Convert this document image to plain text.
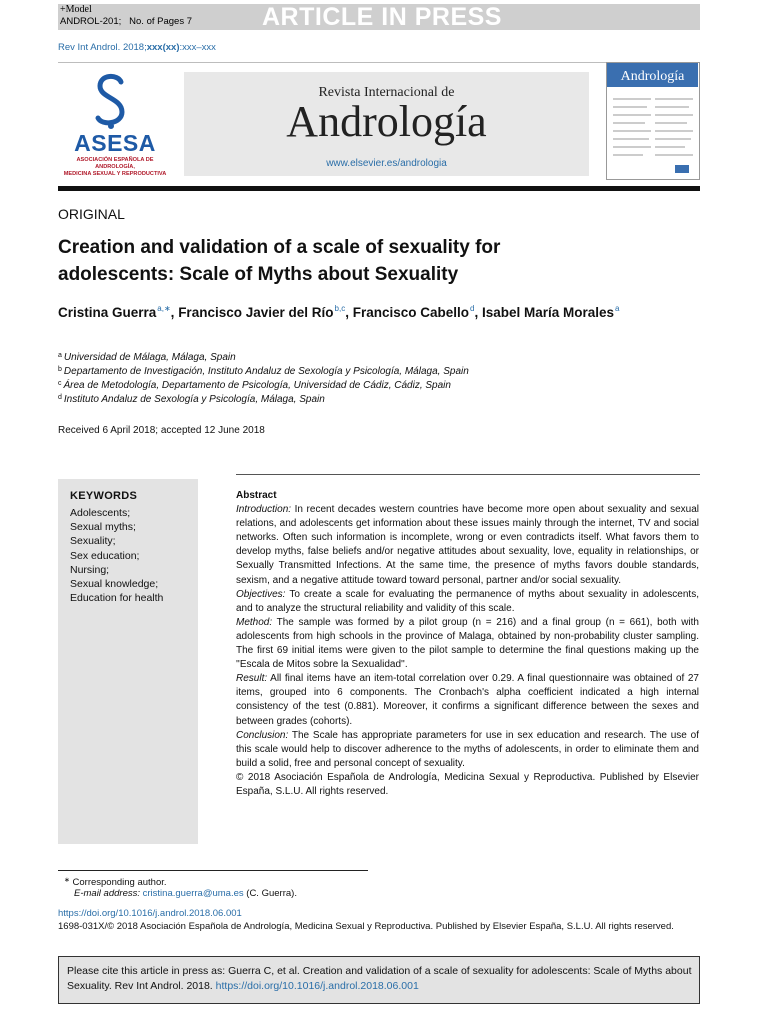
+Model
ANDROL-201;   No. of Pages 7	ARTICLE IN PRESS
Rev Int Androl. 2018;xxx(xx):xxx–xxx
ASESA
ASOCIACIÓN ESPAÑOLA DE ANDROLOGÍA,
MEDICINA SEXUAL Y REPRODUCTIVA
Revista Internacional de
Andrología
www.elsevier.es/andrologia
Andrología
ORIGINAL
Creation and validation of a scale of sexuality for adolescents: Scale of Myths about Sexuality
Cristina Guerra$^{a,∗}$, Francisco Javier del Río$^{b,c}$, Francisco Cabello$^d$, Isabel María Morales$^a$
$^a$ Universidad de Málaga, Málaga, Spain
$^b$ Departamento de Investigación, Instituto Andaluz de Sexología y Psicología, Málaga, Spain
$^c$ Área de Metodología, Departamento de Psicología, Universidad de Cádiz, Cádiz, Spain
$^d$ Instituto Andaluz de Sexología y Psicología, Málaga, Spain
Received 6 April 2018; accepted 12 June 2018
KEYWORDS
Adolescents;
Sexual myths;
Sexuality;
Sex education;
Nursing;
Sexual knowledge;
Education for health

Abstract

Introduction: In recent decades western countries have become more open about sexuality and sexual relations, and adolescents get information about these issues mainly through the internet, TV and social networks. Often such information is incomplete, wrong or even contradicts itself. What favors them to develop myths, false beliefs and/or negative attitudes about sexuality, love, equality in relationships, or Sexually Transmitted Infections. At the same time, the presence of myths favors double standards, sexism, and a negative attitude toward toward personal, partner and/or social sexuality.

Objectives: To create a scale for evaluating the permanence of myths about sexuality in adolescents, and to analyze the structural reliability and validity of this scale.

Method: The sample was formed by a pilot group (n = 216) and a final group (n = 661), both with adolescents from high schools in the province of Malaga, obtained by non-probability cluster sampling. The first 69 initial items were given to the pilot sample to determine the final questions making up the ''Escala de Mitos sobre la Sexualidad''.

Result: All final items have an item-total correlation over 0.29. A final questionnaire was obtained of 27 items, grouped into 6 components. The Cronbach's alpha coefficient indicated a high internal consistency of the test (0.881). Moreover, it confirms a significant difference between the sexes and between grades (cohorts).

Conclusion: The Scale has appropriate parameters for use in sex education and research. The use of this scale would help to discover adherence to the myths of adolescents, in order to eliminate them and build a solid, free and personal concept of sexuality.

© 2018 Asociación Española de Andrología, Medicina Sexual y Reproductiva. Published by Elsevier España, S.L.U. All rights reserved.

∗ Corresponding author.
E-mail address: cristina.guerra@uma.es (C. Guerra).
https://doi.org/10.1016/j.androl.2018.06.001
1698-031X/© 2018 Asociación Española de Andrología, Medicina Sexual y Reproductiva. Published by Elsevier España, S.L.U. All rights reserved.
Please cite this article in press as: Guerra C, et al. Creation and validation of a scale of sexuality for adolescents: Scale of Myths about Sexuality. Rev Int Androl. 2018. https://doi.org/10.1016/j.androl.2018.06.001
